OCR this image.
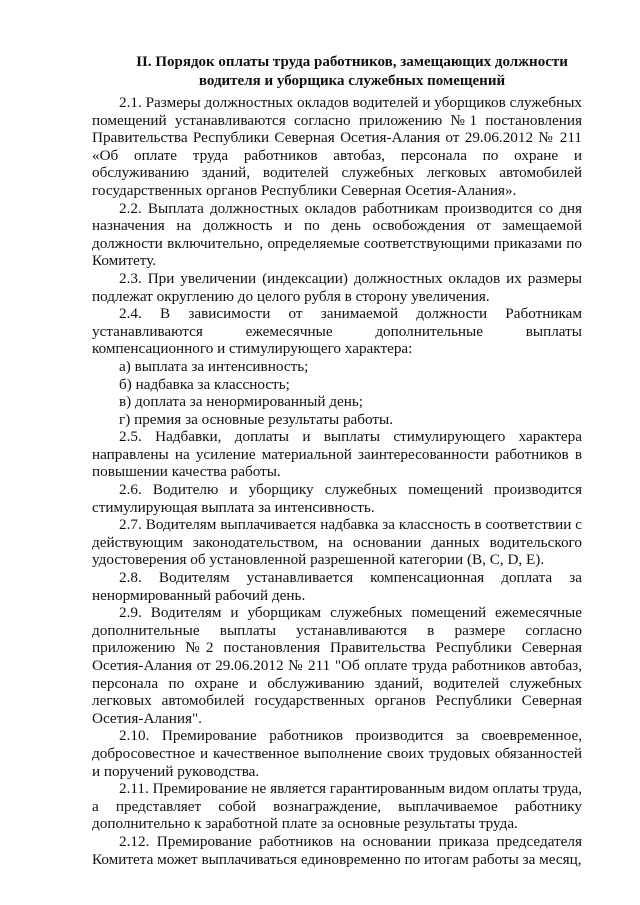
II. Порядок оплаты труда работников, замещающих должности
водителя и уборщика служебных помещений

2.1. Размеры должностных окладов водителей и уборщиков служебных помещений устанавливаются согласно приложению №1 постановления Правительства Республики Северная Осетия-Алания от 29.06.2012 № 211 «Об оплате труда работников автобаз, персонала по охране и обслуживанию зданий, водителей служебных легковых автомобилей государственных органов Республики Северная Осетия-Алания».

2.2. Выплата должностных окладов работникам производится со дня назначения на должность и по день освобождения от замещаемой должности включительно, определяемые соответствующими приказами по Комитету.

2.3. При увеличении (индексации) должностных окладов их размеры подлежат округлению до целого рубля в сторону увеличения.

2.4. В зависимости от занимаемой должности Работникам устанавливаются ежемесячные дополнительные выплаты компенсационного и стимулирующего характера:

а) выплата за интенсивность;

б) надбавка за классность;

в) доплата за ненормированный день;

г) премия за основные результаты работы.

2.5. Надбавки, доплаты и выплаты стимулирующего характера направлены на усиление материальной заинтересованности работников в повышении качества работы.

2.6. Водителю и уборщику служебных помещений производится стимулирующая выплата за интенсивность.

2.7. Водителям выплачивается надбавка за классность в соответствии с действующим законодательством, на основании данных водительского удостоверения об установленной разрешенной категории (B, C, D, E).

2.8. Водителям устанавливается компенсационная доплата за ненормированный рабочий день.

2.9. Водителям и уборщикам служебных помещений ежемесячные дополнительные выплаты устанавливаются в размере согласно приложению №2 постановления Правительства Республики Северная Осетия-Алания от 29.06.2012 № 211 "Об оплате труда работников автобаз, персонала по охране и обслуживанию зданий, водителей служебных легковых автомобилей государственных органов Республики Северная Осетия-Алания".

2.10. Премирование работников производится за своевременное, добросовестное и качественное выполнение своих трудовых обязанностей и поручений руководства.

2.11. Премирование не является гарантированным видом оплаты труда, а представляет собой вознаграждение, выплачиваемое работнику дополнительно к заработной плате за основные результаты труда.

2.12. Премирование работников на основании приказа председателя Комитета может выплачиваться единовременно по итогам работы за месяц,
